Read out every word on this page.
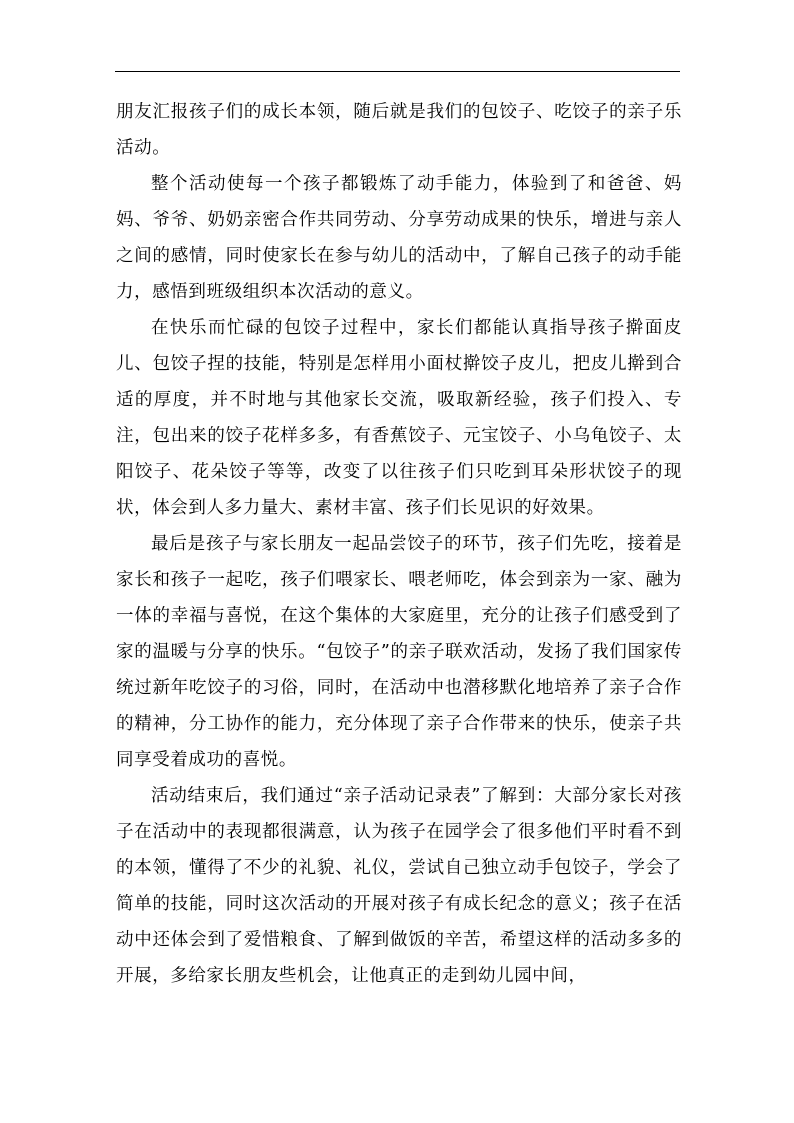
朋友汇报孩子们的成长本领，随后就是我们的包饺子、吃饺子的亲子乐活动。

整个活动使每一个孩子都锻炼了动手能力，体验到了和爸爸、妈妈、爷爷、奶奶亲密合作共同劳动、分享劳动成果的快乐，增进与亲人之间的感情，同时使家长在参与幼儿的活动中，了解自己孩子的动手能力，感悟到班级组织本次活动的意义。

在快乐而忙碌的包饺子过程中，家长们都能认真指导孩子擀面皮儿、包饺子捏的技能，特别是怎样用小面杖擀饺子皮儿，把皮儿擀到合适的厚度，并不时地与其他家长交流，吸取新经验，孩子们投入、专注，包出来的饺子花样多多，有香蕉饺子、元宝饺子、小乌龟饺子、太阳饺子、花朵饺子等等，改变了以往孩子们只吃到耳朵形状饺子的现状，体会到人多力量大、素材丰富、孩子们长见识的好效果。

最后是孩子与家长朋友一起品尝饺子的环节，孩子们先吃，接着是家长和孩子一起吃，孩子们喂家长、喂老师吃，体会到亲为一家、融为一体的幸福与喜悦，在这个集体的大家庭里，充分的让孩子们感受到了家的温暖与分享的快乐。“包饺子”的亲子联欢活动，发扬了我们国家传统过新年吃饺子的习俗，同时，在活动中也潜移默化地培养了亲子合作的精神，分工协作的能力，充分体现了亲子合作带来的快乐，使亲子共同享受着成功的喜悦。

活动结束后，我们通过“亲子活动记录表”了解到：大部分家长对孩子在活动中的表现都很满意，认为孩子在园学会了很多他们平时看不到的本领，懂得了不少的礼貌、礼仪，尝试自己独立动手包饺子，学会了简单的技能，同时这次活动的开展对孩子有成长纪念的意义；孩子在活动中还体会到了爱惜粮食、了解到做饭的辛苦，希望这样的活动多多的开展，多给家长朋友些机会，让他真正的走到幼儿园中间，
